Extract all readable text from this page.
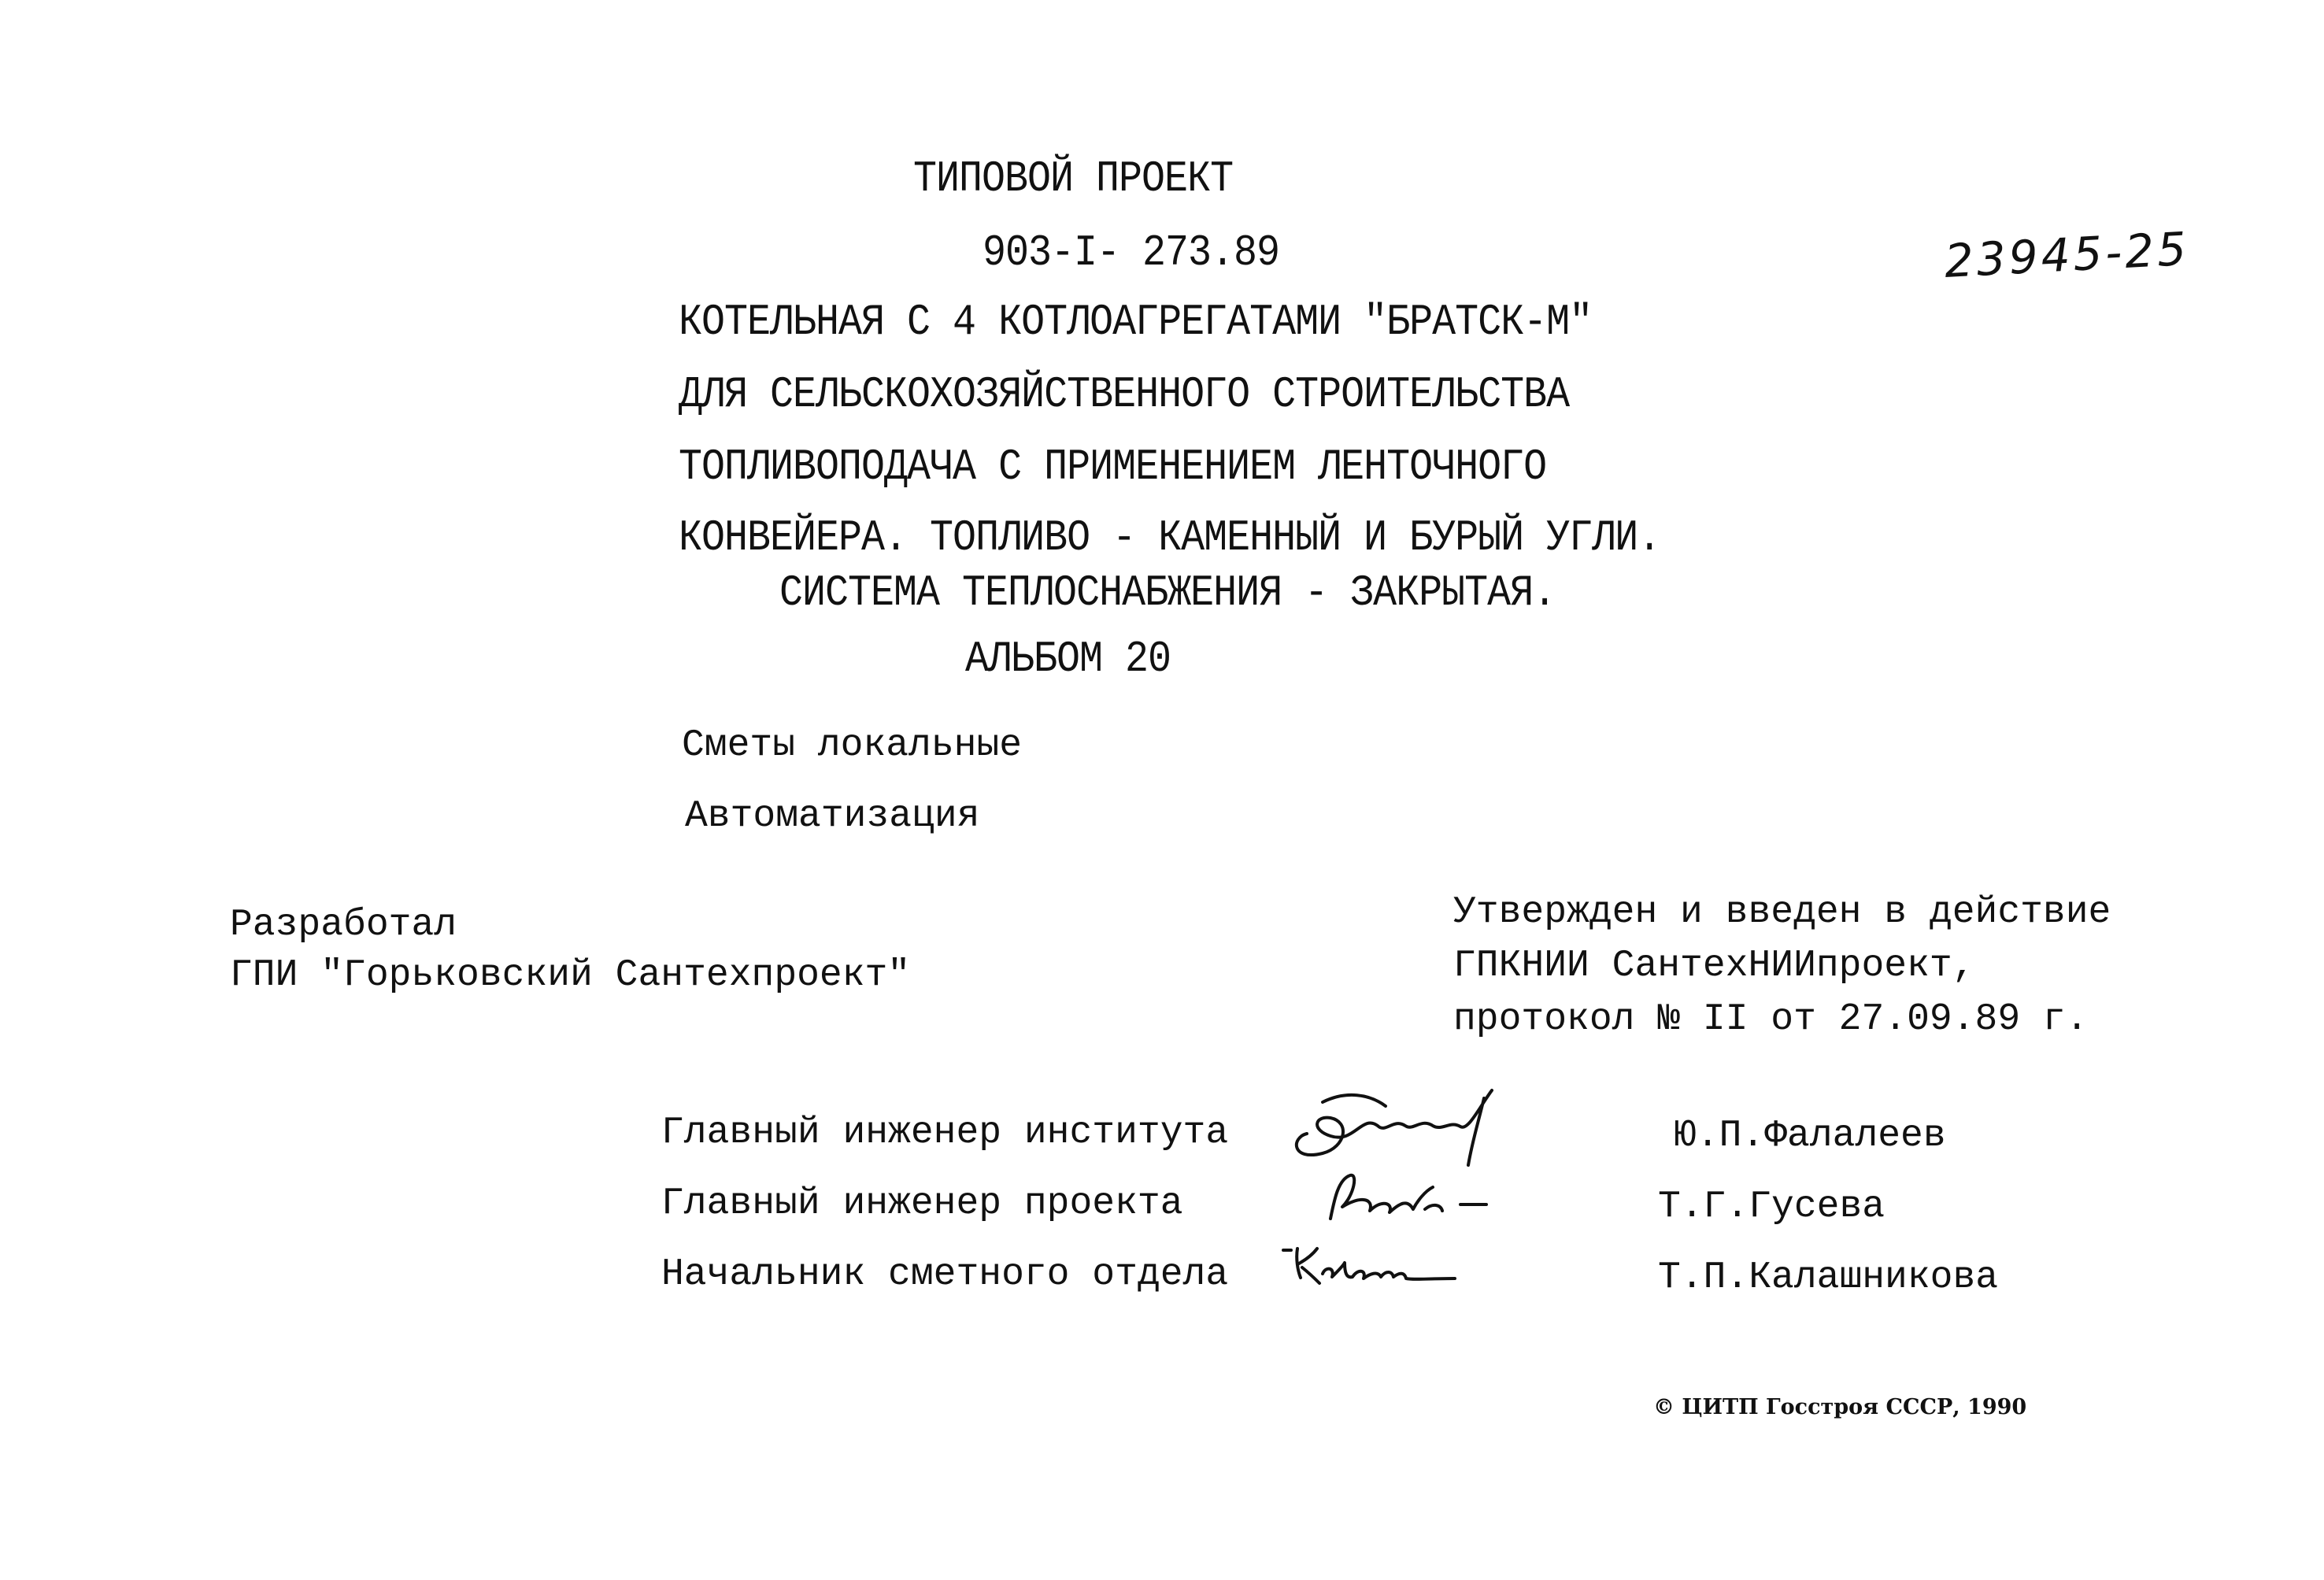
ТИПОВОЙ ПРОЕКТ
903-I- 273.89	23945-25
КОТЕЛЬНАЯ С 4 КОТЛОАГРЕГАТАМИ "БРАТСК-М"
ДЛЯ СЕЛЬСКОХОЗЯЙСТВЕННОГО СТРОИТЕЛЬСТВА
ТОПЛИВОПОДАЧА С ПРИМЕНЕНИЕМ ЛЕНТОЧНОГО
КОНВЕЙЕРА. ТОПЛИВО - КАМЕННЫЙ И БУРЫЙ УГЛИ.
СИСТЕМА ТЕПЛОСНАБЖЕНИЯ - ЗАКРЫТАЯ.
АЛЬБОМ 20
Сметы локальные
Автоматизация
Разработал
ГПИ "Горьковский Сантехпроект"
Утвержден и введен в действие
ГПКНИИ СантехНИИпроект,
протокол № II от 27.09.89 г.
Главный инженер института
Главный инженер проекта
Начальник сметного отдела
Ю.П.Фалалеев
Т.Г.Гусева
Т.П.Калашникова
© ЦИТП Госстроя СССР, 1990
